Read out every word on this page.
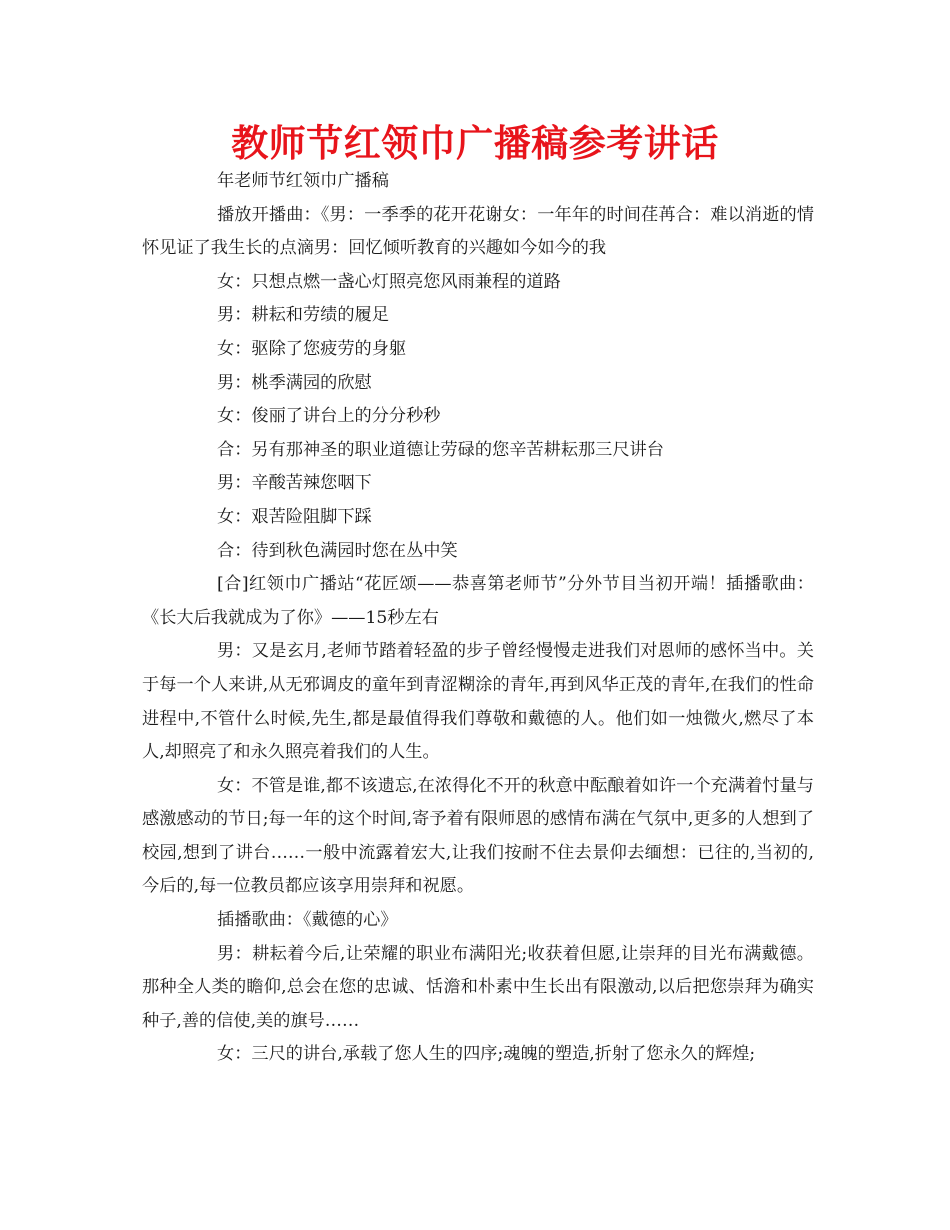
教师节红领巾广播稿参考讲话

年老师节红领巾广播稿

播放开播曲：《男：一季季的花开花谢女：一年年的时间荏苒合：难以消逝的情怀见证了我生长的点滴男：回忆倾听教育的兴趣如今如今的我

女：只想点燃一盏心灯照亮您风雨兼程的道路

男：耕耘和劳绩的履足

女：驱除了您疲劳的身躯

男：桃季满园的欣慰

女：俊丽了讲台上的分分秒秒

合：另有那神圣的职业道德让劳碌的您辛苦耕耘那三尺讲台

男：辛酸苦辣您咽下

女：艰苦险阻脚下踩

合：待到秋色满园时您在丛中笑

[合]红领巾广播站“花匠颂——恭喜第老师节”分外节目当初开端！插播歌曲：《长大后我就成为了你》——15秒左右

男：又是玄月,老师节踏着轻盈的步子曾经慢慢走进我们对恩师的感怀当中。关于每一个人来讲,从无邪调皮的童年到青涩糊涂的青年,再到风华正茂的青年,在我们的性命进程中,不管什么时候,先生,都是最值得我们尊敬和戴德的人。他们如一烛微火,燃尽了本人,却照亮了和永久照亮着我们的人生。

女：不管是谁,都不该遗忘,在浓得化不开的秋意中酝酿着如许一个充满着忖量与感激感动的节日;每一年的这个时间,寄予着有限师恩的感情布满在气氛中,更多的人想到了校园,想到了讲台……一般中流露着宏大,让我们按耐不住去景仰去缅想：已往的,当初的,今后的,每一位教员都应该享用崇拜和祝愿。

插播歌曲：《戴德的心》

男：耕耘着今后,让荣耀的职业布满阳光;收获着但愿,让崇拜的目光布满戴德。那种全人类的瞻仰,总会在您的忠诚、恬澹和朴素中生长出有限激动,以后把您崇拜为确实种子,善的信使,美的旗号……

女：三尺的讲台,承载了您人生的四序;魂魄的塑造,折射了您永久的辉煌;
